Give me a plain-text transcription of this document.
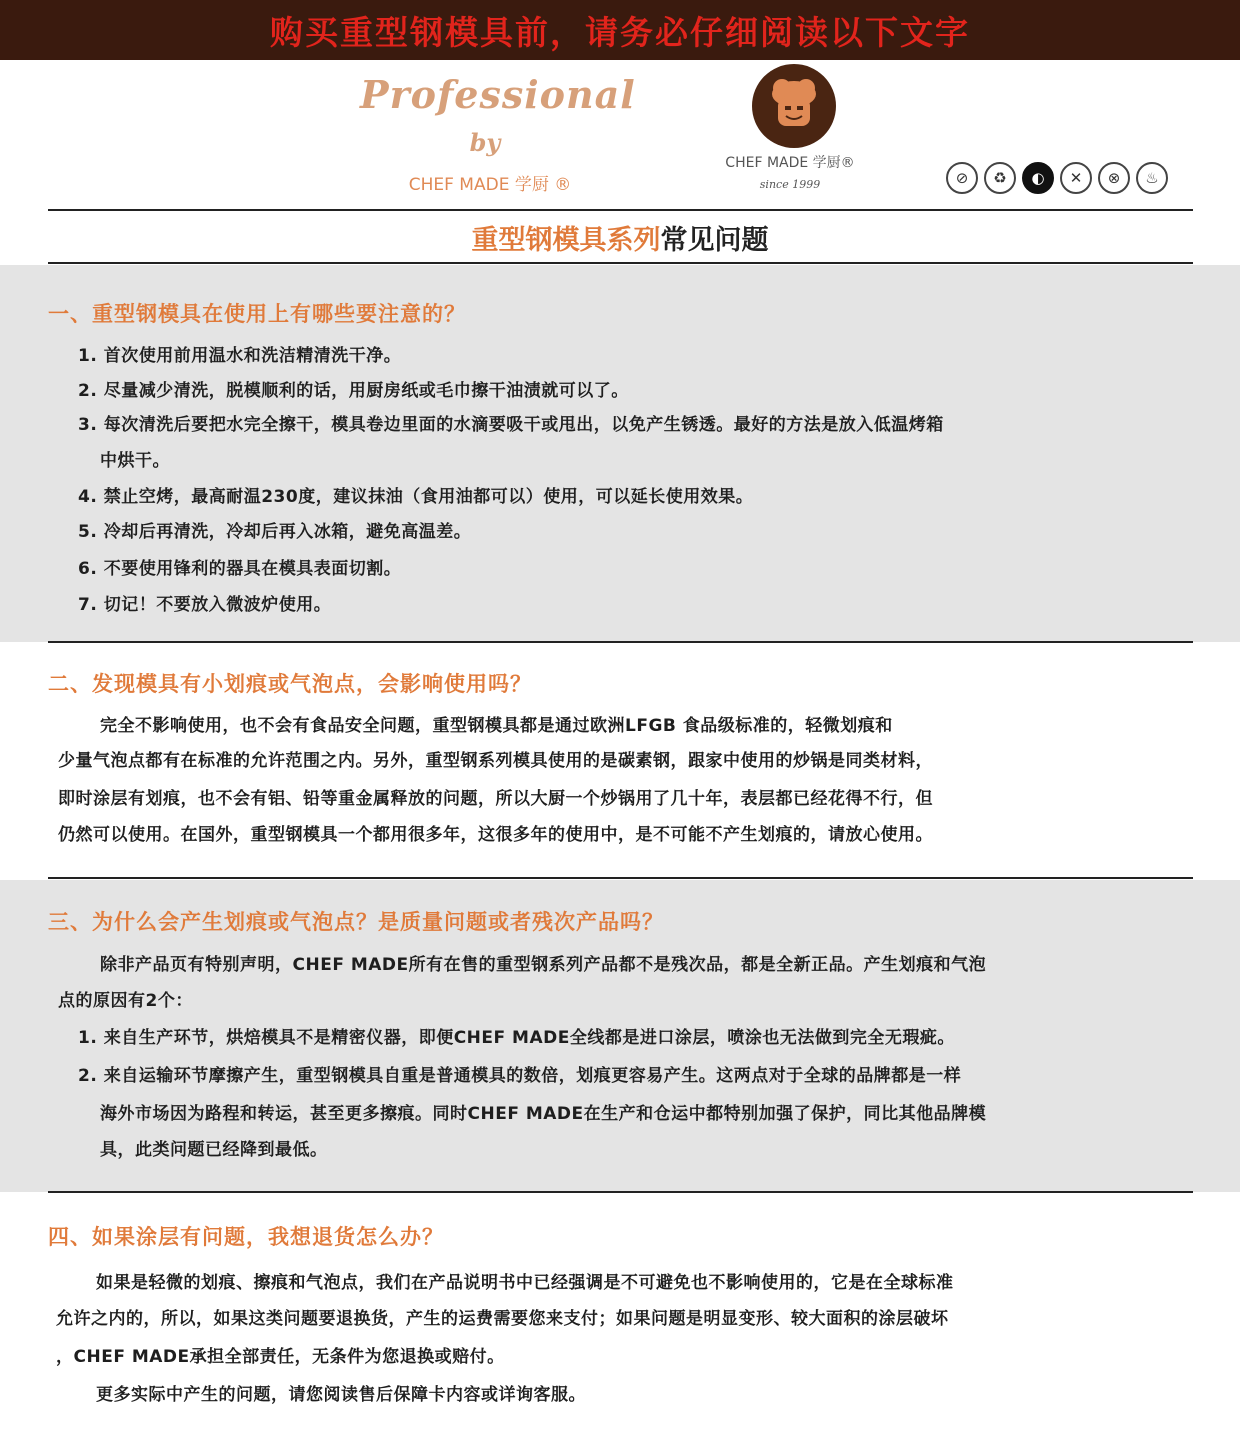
购买重型钢模具前，请务必仔细阅读以下文字
Professional
by
CHEF MADE 学厨 ®
CHEF MADE 学厨®
since 1999	⊘	♻	◐	✕	⊗	♨
重型钢模具系列常见问题
一、重型钢模具在使用上有哪些要注意的？
1. 首次使用前用温水和洗洁精清洗干净。
2. 尽量减少清洗，脱模顺利的话，用厨房纸或毛巾擦干油渍就可以了。
3. 每次清洗后要把水完全擦干，模具卷边里面的水滴要吸干或甩出，以免产生锈透。最好的方法是放入低温烤箱
中烘干。
4. 禁止空烤，最高耐温230度，建议抹油（食用油都可以）使用，可以延长使用效果。
5. 冷却后再清洗，冷却后再入冰箱，避免高温差。
6. 不要使用锋利的器具在模具表面切割。
7. 切记！不要放入微波炉使用。
二、发现模具有小划痕或气泡点，会影响使用吗？
完全不影响使用，也不会有食品安全问题，重型钢模具都是通过欧洲LFGB 食品级标准的，轻微划痕和
少量气泡点都有在标准的允许范围之内。另外，重型钢系列模具使用的是碳素钢，跟家中使用的炒锅是同类材料，
即时涂层有划痕，也不会有铝、铅等重金属释放的问题，所以大厨一个炒锅用了几十年，表层都已经花得不行，但
仍然可以使用。在国外，重型钢模具一个都用很多年，这很多年的使用中，是不可能不产生划痕的，请放心使用。
三、为什么会产生划痕或气泡点？是质量问题或者残次产品吗？
除非产品页有特别声明，CHEF MADE所有在售的重型钢系列产品都不是残次品，都是全新正品。产生划痕和气泡
点的原因有2个：
1. 来自生产环节，烘焙模具不是精密仪器，即便CHEF MADE全线都是进口涂层，喷涂也无法做到完全无瑕疵。
2. 来自运输环节摩擦产生，重型钢模具自重是普通模具的数倍，划痕更容易产生。这两点对于全球的品牌都是一样
海外市场因为路程和转运，甚至更多擦痕。同时CHEF MADE在生产和仓运中都特别加强了保护，同比其他品牌模
具，此类问题已经降到最低。
四、如果涂层有问题，我想退货怎么办？
如果是轻微的划痕、擦痕和气泡点，我们在产品说明书中已经强调是不可避免也不影响使用的，它是在全球标准
允许之内的，所以，如果这类问题要退换货，产生的运费需要您来支付；如果问题是明显变形、较大面积的涂层破坏
，CHEF MADE承担全部责任，无条件为您退换或赔付。
更多实际中产生的问题，请您阅读售后保障卡内容或详询客服。
